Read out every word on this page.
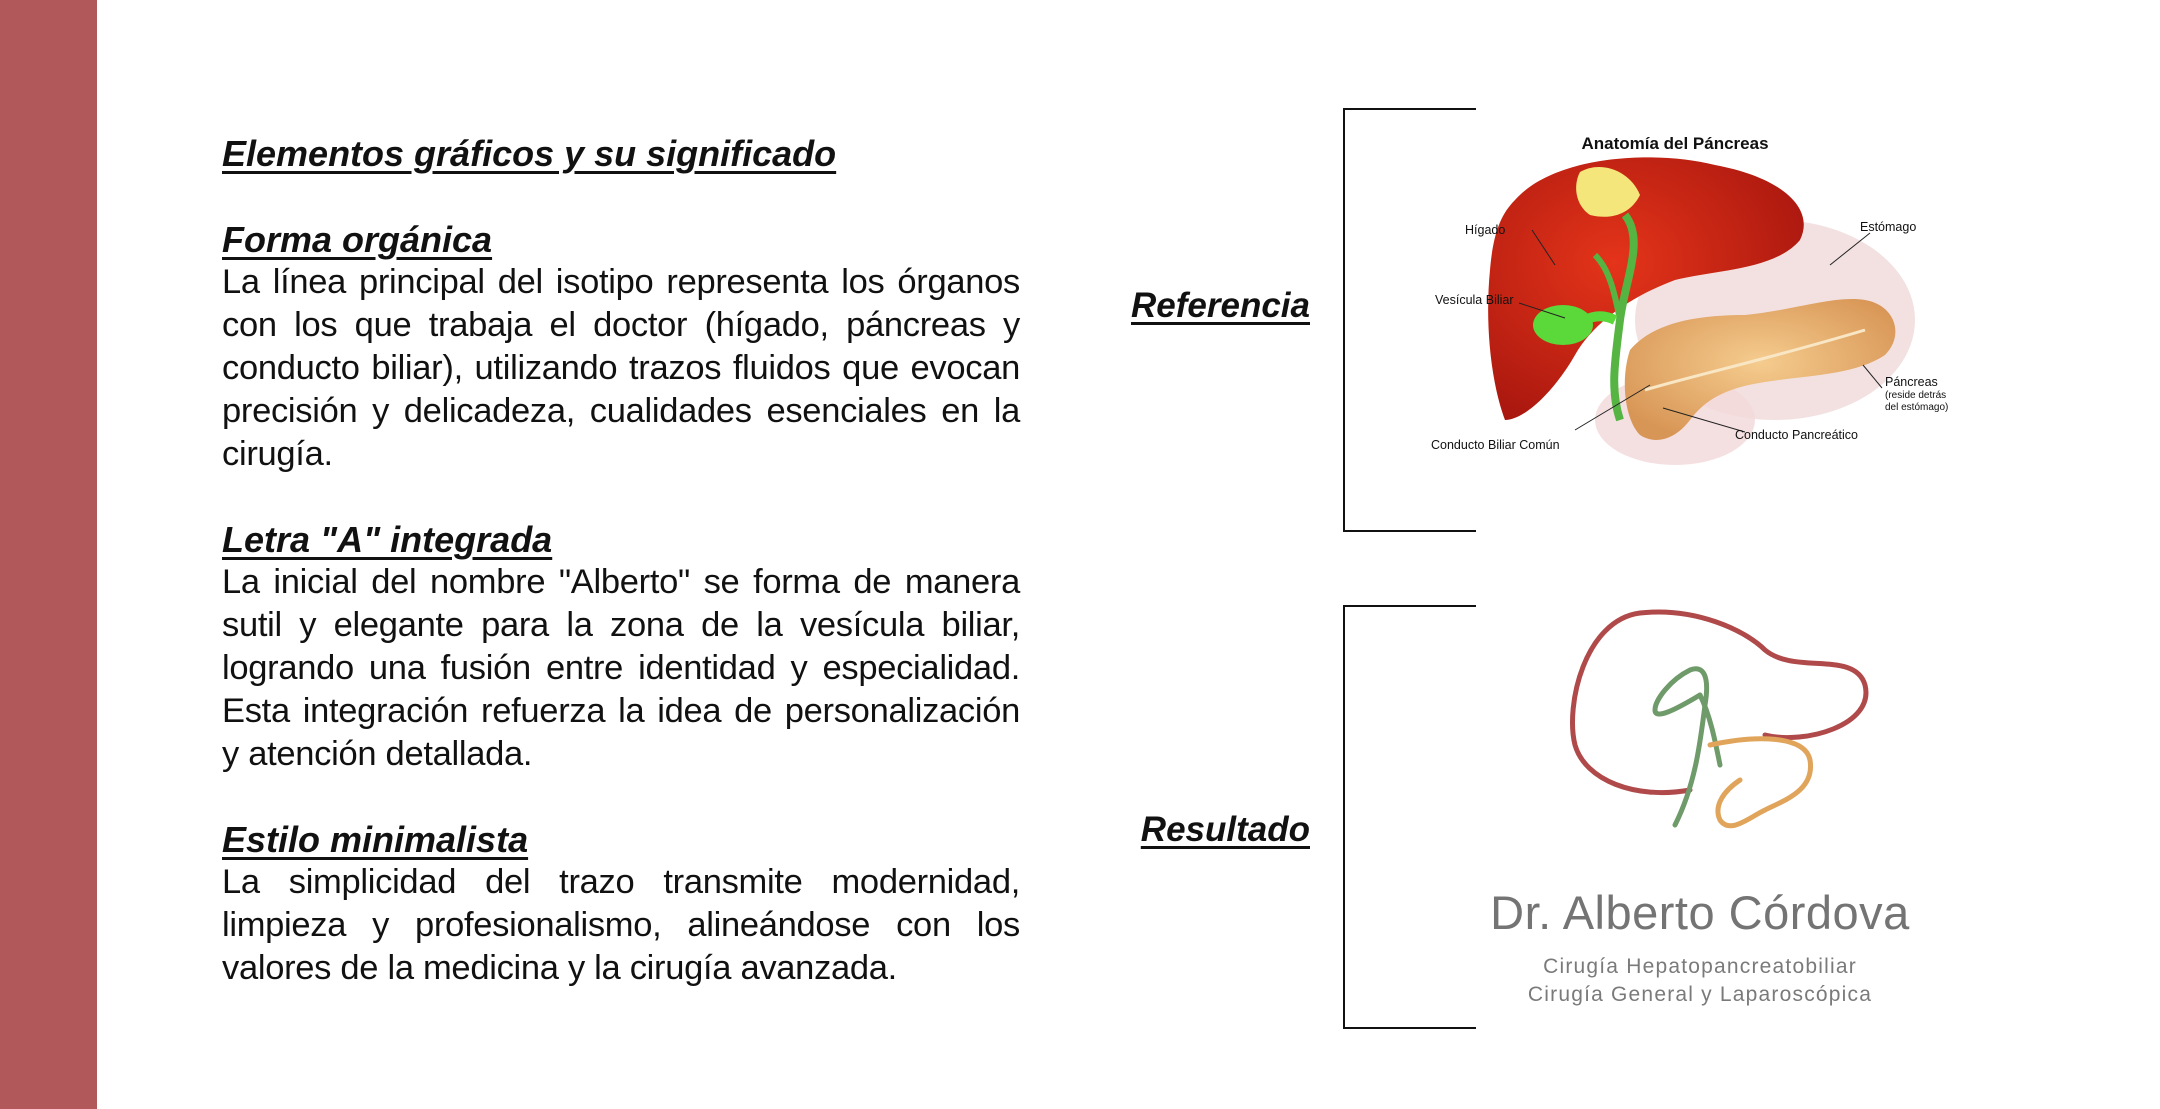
Elementos gráficos y su significado
Forma orgánica

La línea principal del isotipo representa los órganos con los que trabaja el doctor (hígado, páncreas y conducto biliar), utilizando trazos fluidos que evocan precisión y delicadeza, cualidades esenciales en la cirugía.

Letra "A" integrada

La inicial del nombre "Alberto" se forma de manera sutil y elegante para la zona de la vesícula biliar, logrando una fusión entre identidad y especialidad. Esta integración refuerza la idea de personalización y atención detallada.

Estilo minimalista

La simplicidad del trazo transmite modernidad, limpieza y profesionalismo, alineándose con los valores de la medicina y la cirugía avanzada.

Referencia
Anatomía del Páncreas
Hígado	Estómago
Vesícula Biliar
Páncreas
(reside detrás
del estómago)
Conducto Biliar Común
Conducto Pancreático
Resultado
Dr. Alberto Córdova
Cirugía Hepatopancreatobiliar
Cirugía General y Laparoscópica
